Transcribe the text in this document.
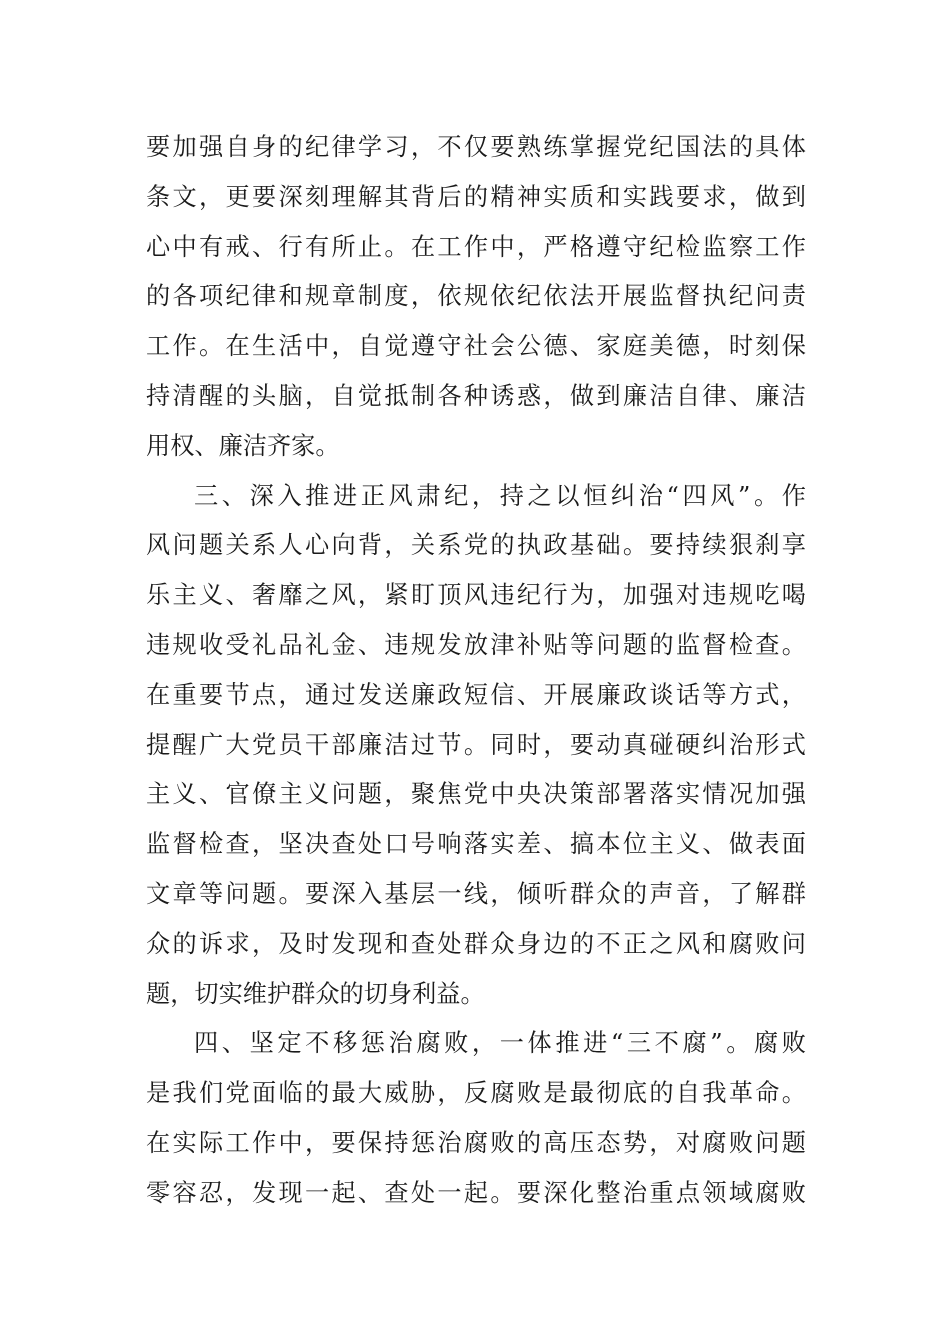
要加强自身的纪律学习，不仅要熟练掌握党纪国法的具体
条文，更要深刻理解其背后的精神实质和实践要求，做到
心中有戒、行有所止。在工作中，严格遵守纪检监察工作
的各项纪律和规章制度，依规依纪依法开展监督执纪问责
工作。在生活中，自觉遵守社会公德、家庭美德，时刻保
持清醒的头脑，自觉抵制各种诱惑，做到廉洁自律、廉洁
用权、廉洁齐家。
三、深入推进正风肃纪，持之以恒纠治“四风”。作
风问题关系人心向背，关系党的执政基础。要持续狠刹享
乐主义、奢靡之风，紧盯顶风违纪行为，加强对违规吃喝
违规收受礼品礼金、违规发放津补贴等问题的监督检查。
在重要节点，通过发送廉政短信、开展廉政谈话等方式，
提醒广大党员干部廉洁过节。同时，要动真碰硬纠治形式
主义、官僚主义问题，聚焦党中央决策部署落实情况加强
监督检查，坚决查处口号响落实差、搞本位主义、做表面
文章等问题。要深入基层一线，倾听群众的声音，了解群
众的诉求，及时发现和查处群众身边的不正之风和腐败问
题，切实维护群众的切身利益。
四、坚定不移惩治腐败，一体推进“三不腐”。腐败
是我们党面临的最大威胁，反腐败是最彻底的自我革命。
在实际工作中，要保持惩治腐败的高压态势，对腐败问题
零容忍，发现一起、查处一起。要深化整治重点领域腐败
